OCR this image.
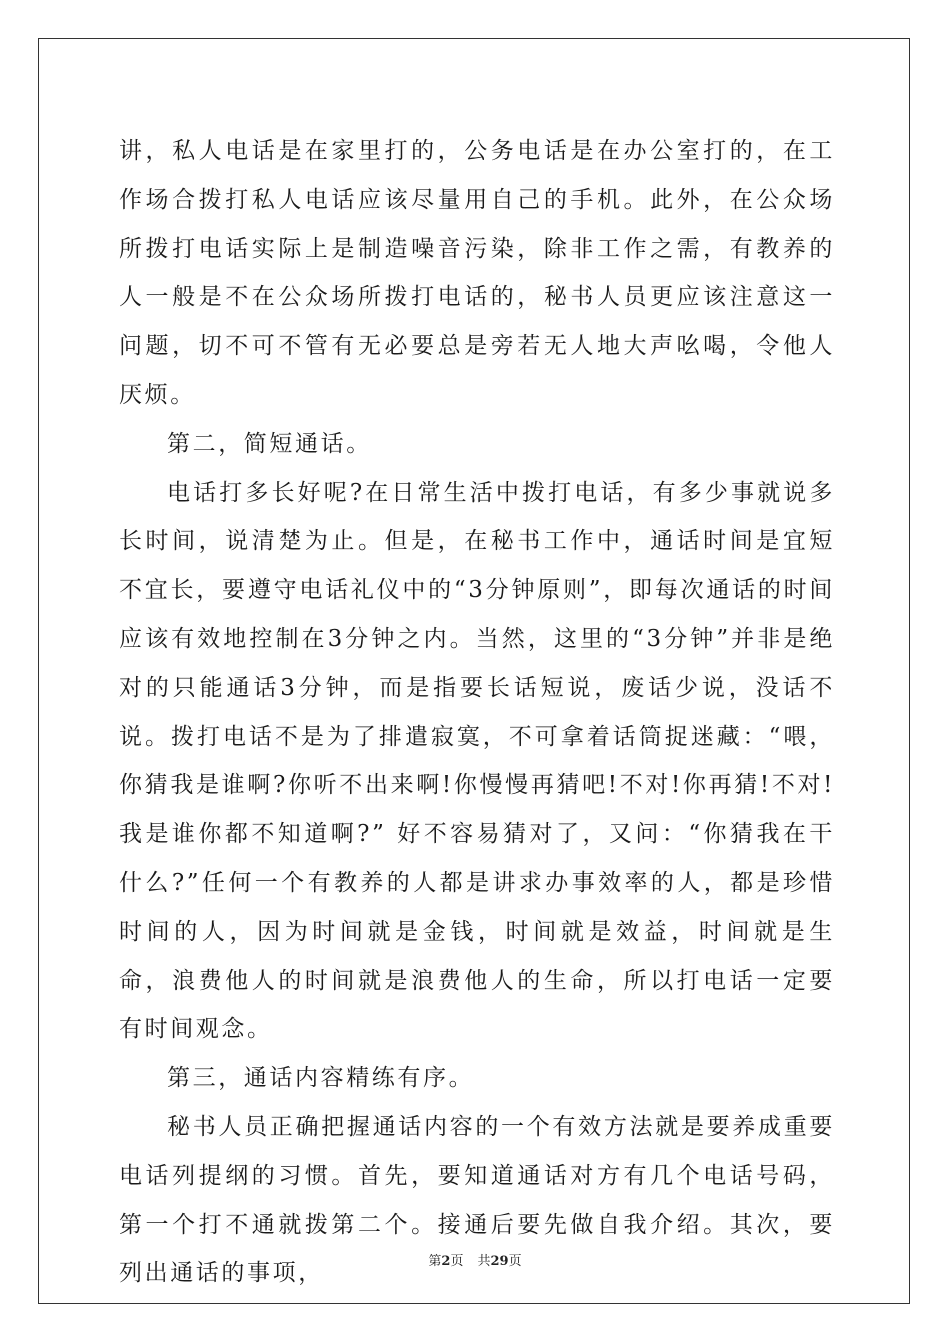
讲，私人电话是在家里打的，公务电话是在办公室打的，在工作场合拨打私人电话应该尽量用自己的手机。此外，在公众场所拨打电话实际上是制造噪音污染，除非工作之需，有教养的人一般是不在公众场所拨打电话的，秘书人员更应该注意这一问题，切不可不管有无必要总是旁若无人地大声吆喝，令他人厌烦。

第二，简短通话。

电话打多长好呢?在日常生活中拨打电话，有多少事就说多长时间，说清楚为止。但是，在秘书工作中，通话时间是宜短不宜长，要遵守电话礼仪中的“3分钟原则”，即每次通话的时间应该有效地控制在3分钟之内。当然，这里的“3分钟”并非是绝对的只能通话3分钟，而是指要长话短说，废话少说，没话不说。拨打电话不是为了排遣寂寞，不可拿着话筒捉迷藏：“喂，你猜我是谁啊?你听不出来啊!你慢慢再猜吧!不对!你再猜!不对!我是谁你都不知道啊?” 好不容易猜对了，又问：“你猜我在干什么?”任何一个有教养的人都是讲求办事效率的人，都是珍惜时间的人，因为时间就是金钱，时间就是效益，时间就是生命，浪费他人的时间就是浪费他人的生命，所以打电话一定要有时间观念。

第三，通话内容精练有序。

秘书人员正确把握通话内容的一个有效方法就是要养成重要电话列提纲的习惯。首先，要知道通话对方有几个电话号码，第一个打不通就拨第二个。接通后要先做自我介绍。其次，要列出通话的事项，	第2页 共29页
